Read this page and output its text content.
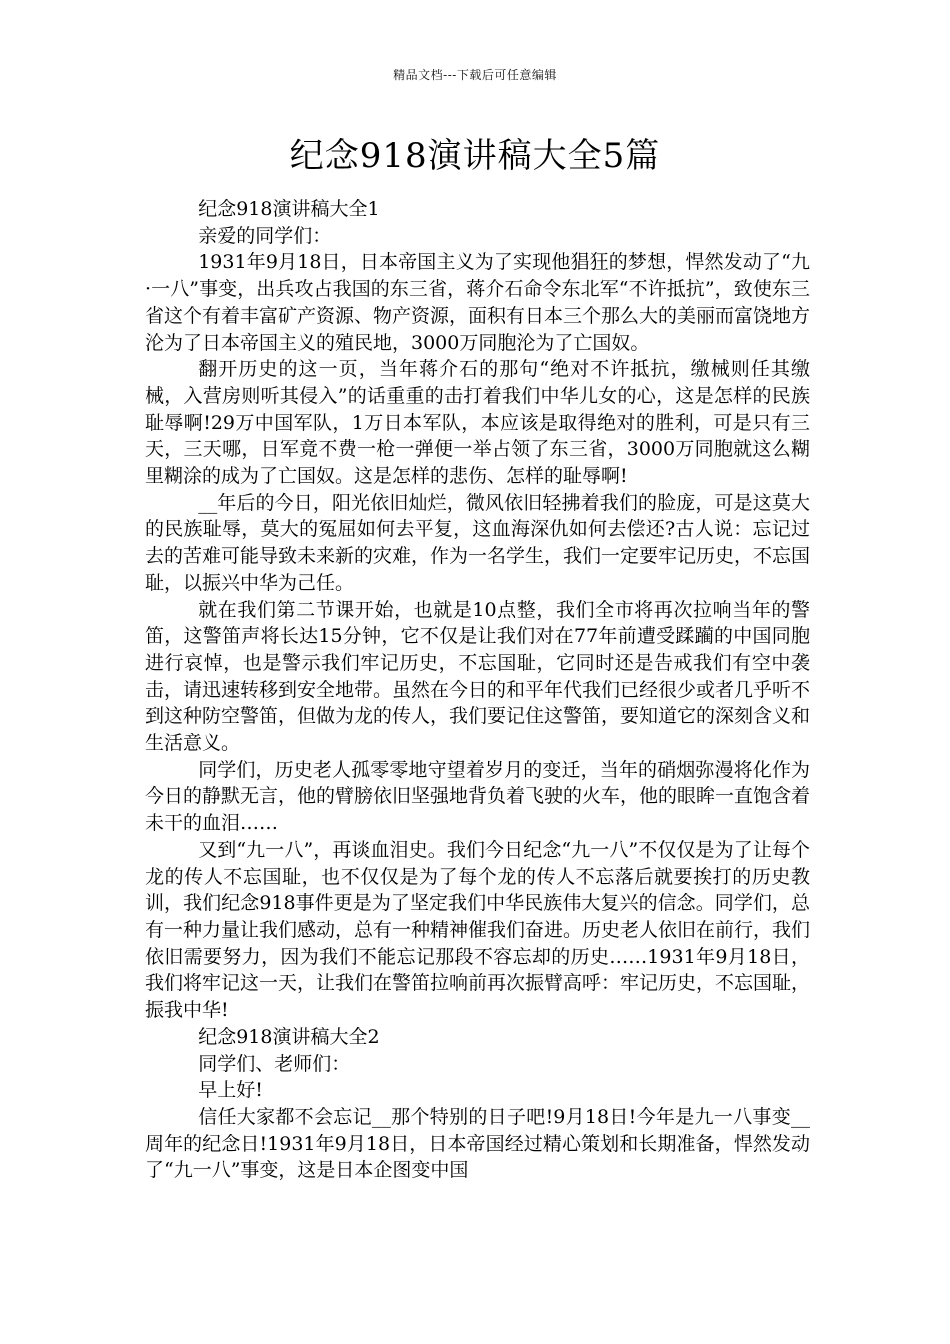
精品文档---下载后可任意编辑
纪念918演讲稿大全5篇

纪念918演讲稿大全1

亲爱的同学们：

1931年9月18日，日本帝国主义为了实现他猖狂的梦想，悍然发动了“九·一八”事变，出兵攻占我国的东三省，蒋介石命令东北军“不许抵抗”，致使东三省这个有着丰富矿产资源、物产资源，面积有日本三个那么大的美丽而富饶地方沦为了日本帝国主义的殖民地，3000万同胞沦为了亡国奴。

翻开历史的这一页，当年蒋介石的那句“绝对不许抵抗，缴械则任其缴械，入营房则听其侵入”的话重重的击打着我们中华儿女的心，这是怎样的民族耻辱啊!29万中国军队，1万日本军队，本应该是取得绝对的胜利，可是只有三天，三天哪，日军竟不费一枪一弹便一举占领了东三省，3000万同胞就这么糊里糊涂的成为了亡国奴。这是怎样的悲伤、怎样的耻辱啊!

__年后的今日，阳光依旧灿烂，微风依旧轻拂着我们的脸庞，可是这莫大的民族耻辱，莫大的冤屈如何去平复，这血海深仇如何去偿还?古人说：忘记过去的苦难可能导致未来新的灾难，作为一名学生，我们一定要牢记历史，不忘国耻，以振兴中华为己任。

就在我们第二节课开始，也就是10点整，我们全市将再次拉响当年的警笛，这警笛声将长达15分钟，它不仅是让我们对在77年前遭受蹂躏的中国同胞进行哀悼，也是警示我们牢记历史，不忘国耻，它同时还是告戒我们有空中袭击，请迅速转移到安全地带。虽然在今日的和平年代我们已经很少或者几乎听不到这种防空警笛，但做为龙的传人，我们要记住这警笛，要知道它的深刻含义和生活意义。

同学们，历史老人孤零零地守望着岁月的变迁，当年的硝烟弥漫将化作为今日的静默无言，他的臂膀依旧坚强地背负着飞驶的火车，他的眼眸一直饱含着未干的血泪……

又到“九一八”，再谈血泪史。我们今日纪念“九一八”不仅仅是为了让每个龙的传人不忘国耻，也不仅仅是为了每个龙的传人不忘落后就要挨打的历史教训，我们纪念918事件更是为了坚定我们中华民族伟大复兴的信念。同学们，总有一种力量让我们感动，总有一种精神催我们奋进。历史老人依旧在前行，我们依旧需要努力，因为我们不能忘记那段不容忘却的历史……1931年9月18日，我们将牢记这一天，让我们在警笛拉响前再次振臂高呼：牢记历史，不忘国耻，振我中华!

纪念918演讲稿大全2

同学们、老师们：

早上好!

信任大家都不会忘记__那个特别的日子吧!9月18日!今年是九一八事变__周年的纪念日!1931年9月18日，日本帝国经过精心策划和长期准备，悍然发动了“九一八”事变，这是日本企图变中国
